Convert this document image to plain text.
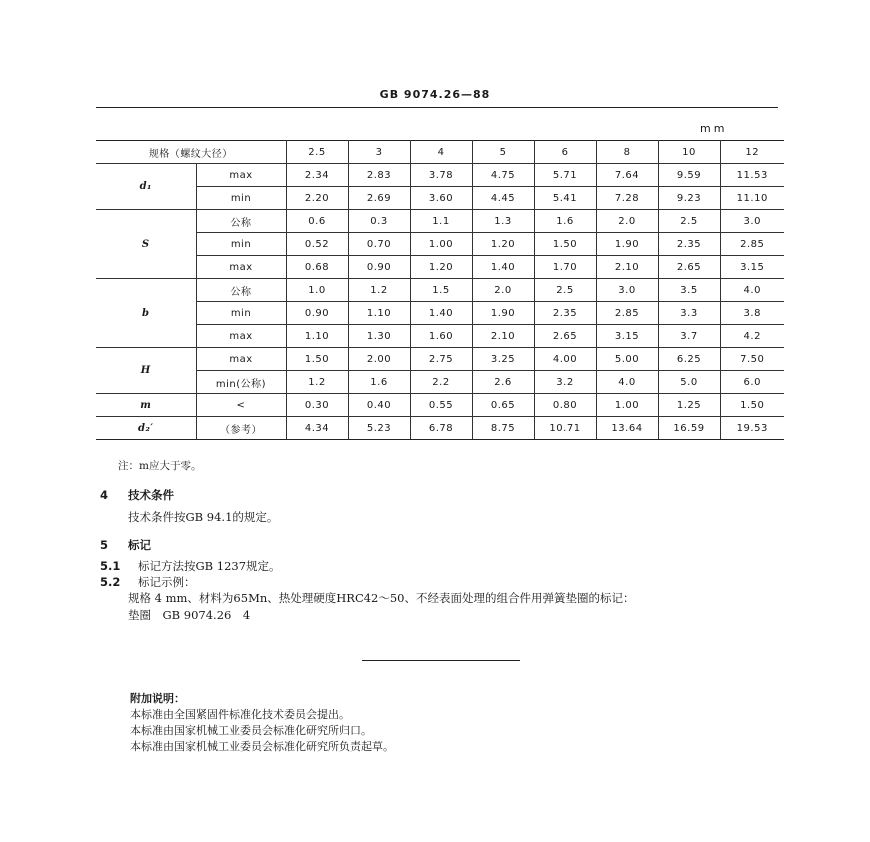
GB 9074.26—88
mm
规格（螺纹大径）		2.5	3	4	5	6	8	10	12
d₁	max	2.34	2.83	3.78	4.75	5.71	7.64	9.59	11.53
	min	2.20	2.69	3.60	4.45	5.41	7.28	9.23	11.10
S	公称	0.6	0.3	1.1	1.3	1.6	2.0	2.5	3.0
	min	0.52	0.70	1.00	1.20	1.50	1.90	2.35	2.85
	max	0.68	0.90	1.20	1.40	1.70	2.10	2.65	3.15
b	公称	1.0	1.2	1.5	2.0	2.5	3.0	3.5	4.0
	min	0.90	1.10	1.40	1.90	2.35	2.85	3.3	3.8
	max	1.10	1.30	1.60	2.10	2.65	3.15	3.7	4.2
H	max	1.50	2.00	2.75	3.25	4.00	5.00	6.25	7.50
	min(公称)	1.2	1.6	2.2	2.6	3.2	4.0	5.0	6.0
m	<	0.30	0.40	0.55	0.65	0.80	1.00	1.25	1.50
d₂′	（参考）	4.34	5.23	6.78	8.75	10.71	13.64	16.59	19.53
注：m应大于零。
4 技术条件
技术条件按GB 94.1的规定。
5 标记
5.1 标记方法按GB 1237规定。
5.2 标记示例：
规格 4 mm、材料为65Mn、热处理硬度HRC42～50、不经表面处理的组合件用弹簧垫圈的标记：
垫圈　GB 9074.26　4
附加说明：
本标准由全国紧固件标准化技术委员会提出。
本标准由国家机械工业委员会标准化研究所归口。
本标准由国家机械工业委员会标准化研究所负责起草。
